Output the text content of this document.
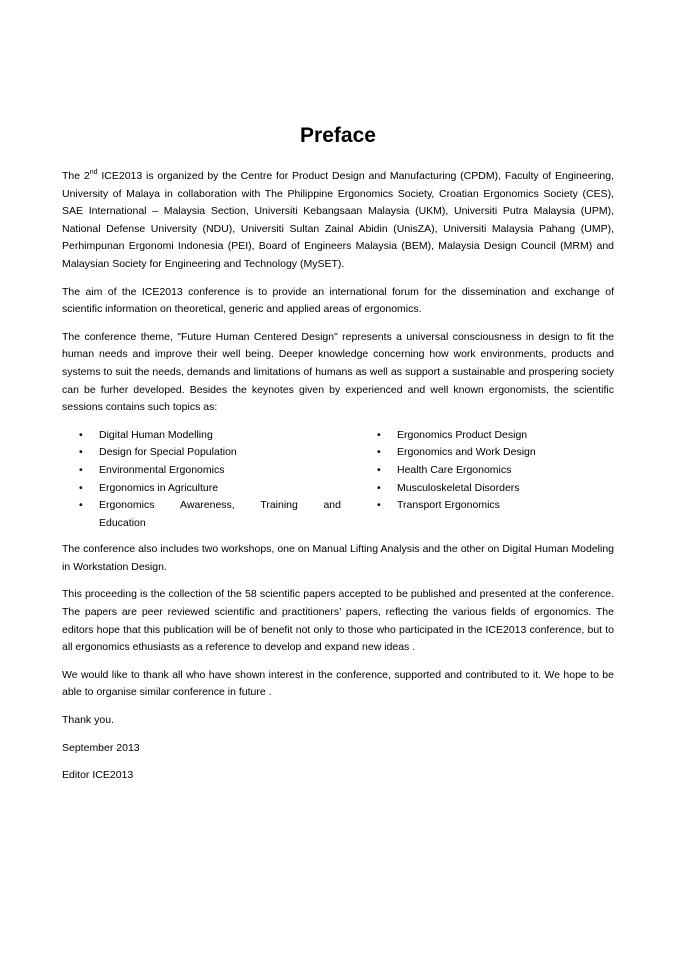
Preface

The 2nd ICE2013 is organized by the Centre for Product Design and Manufacturing (CPDM), Faculty of Engineering, University of Malaya in collaboration with The Philippine Ergonomics Society, Croatian Ergonomics Society (CES), SAE International – Malaysia Section, Universiti Kebangsaan Malaysia (UKM), Universiti Putra Malaysia (UPM), National Defense University (NDU), Universiti Sultan Zainal Abidin (UnisZA), Universiti Malaysia Pahang (UMP), Perhimpunan Ergonomi Indonesia (PEI), Board of Engineers Malaysia (BEM), Malaysia Design Council (MRM) and Malaysian Society for Engineering and Technology (MySET).

The aim of the ICE2013 conference is to provide an international forum for the dissemination and exchange of scientific information on theoretical, generic and applied areas of ergonomics.

The conference theme, "Future Human Centered Design" represents a universal consciousness in design to fit the human needs and improve their well being. Deeper knowledge concerning how work environments, products and systems to suit the needs, demands and limitations of humans as well as support a sustainable and prospering society can be furher developed. Besides the keynotes given by experienced and well known ergonomists, the scientific sessions contains such topics as:

•	Digital Human Modelling
•	Design for Special Population
•	Environmental Ergonomics
•	Ergonomics in Agriculture
•	Ergonomics Awareness, Training and
Education
•	Ergonomics Product Design
•	Ergonomics and Work Design
•	Health Care Ergonomics
•	Musculoskeletal Disorders
•	Transport Ergonomics

The conference also includes two workshops, one on Manual Lifting Analysis and the other on Digital Human Modeling in Workstation Design.

This proceeding is the collection of the 58 scientific papers accepted to be published and presented at the conference. The papers are peer reviewed scientific and practitioners’ papers, reflecting the various fields of ergonomics. The editors hope that this publication will be of benefit not only to those who participated in the ICE2013 conference, but to all ergonomics ethusiasts as a reference to develop and expand new ideas .

We would like to thank all who have shown interest in the conference, supported and contributed to it. We hope to be able to organise similar conference in future .

Thank you.

September 2013

Editor ICE2013
